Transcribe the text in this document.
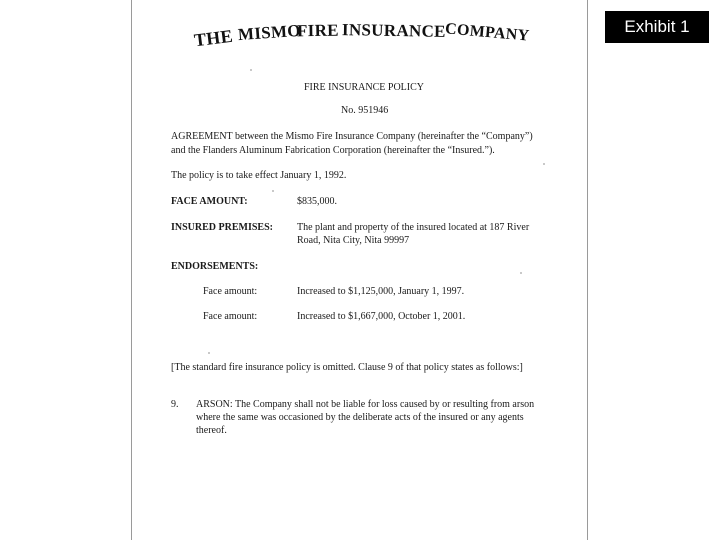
Exhibit 1
THE MISMO
FIRE INSURANCE
COMPANY
FIRE INSURANCE POLICY
No. 951946
AGREEMENT between the Mismo Fire Insurance Company (hereinafter the “Company”)
and the Flanders Aluminum Fabrication Corporation (hereinafter the “Insured.”).
The policy is to take effect January 1, 1992.
FACE AMOUNT:	$835,000.
INSURED PREMISES: The plant and property of the insured located at 187 River
Road, Nita City, Nita 99997
ENDORSEMENTS:
Face amount:	Increased to $1,125,000, January 1, 1997.
Face amount:	Increased to $1,667,000, October 1, 2001.
[The standard fire insurance policy is omitted. Clause 9 of that policy states as follows:]
9. ARSON: The Company shall not be liable for loss caused by or resulting from arson
where the same was occasioned by the deliberate acts of the insured or any agents
thereof.
